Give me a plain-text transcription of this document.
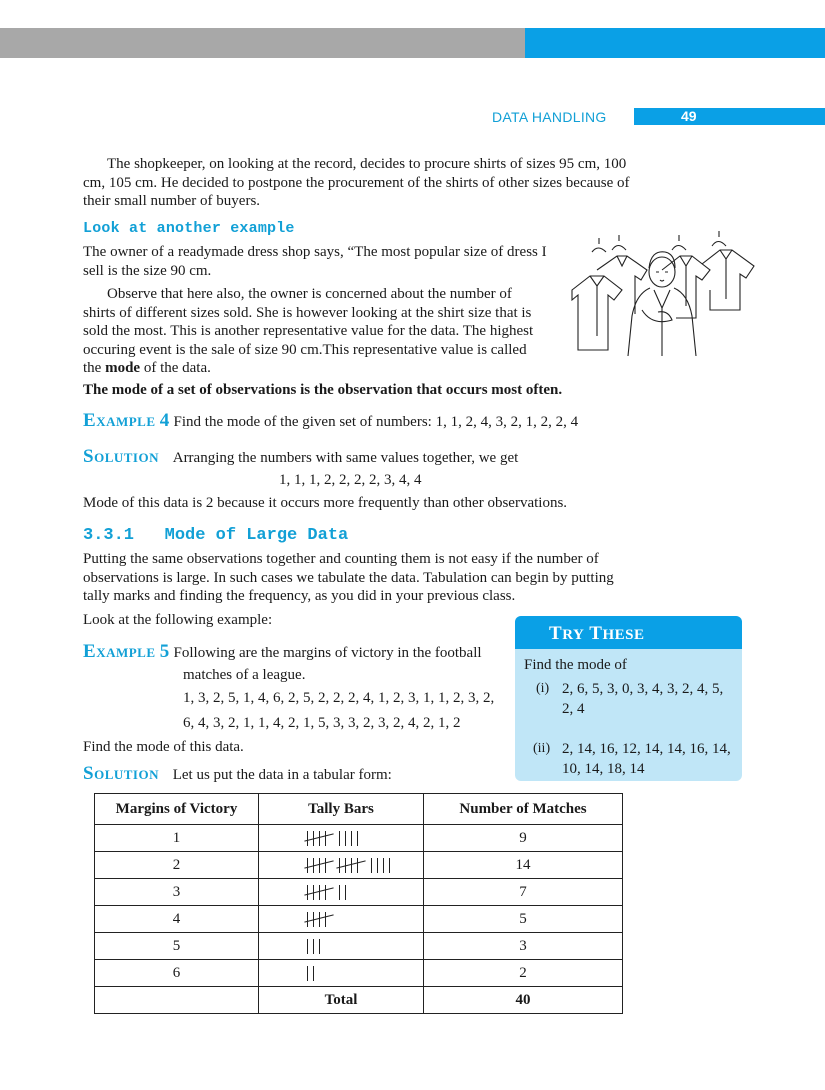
DATA HANDLING	49
The shopkeeper, on looking at the record, decides to procure shirts of sizes 95 cm, 100 cm, 105 cm. He decided to postpone the procurement of the shirts of other sizes because of their small number of buyers.
Look at another example
The owner of a readymade dress shop says, “The most popular size of dress I sell is the size 90 cm.
Observe that here also, the owner is concerned about the number of shirts of different sizes sold. She is however looking at the shirt size that is sold the most. This is another representative value for the data. The highest occuring event is the sale of size 90 cm.This representative value is called the mode of the data.
The mode of a set of observations is the observation that occurs most often.
EXAMPLE 4 Find the mode of the given set of numbers: 1, 1, 2, 4, 3, 2, 1, 2, 2, 4
SOLUTION Arranging the numbers with same values together, we get
1, 1, 1, 2, 2, 2, 2, 3, 4, 4
Mode of this data is 2 because it occurs more frequently than other observations.
3.3.1   Mode of Large Data
Putting the same observations together and counting them is not easy if the number of observations is large. In such cases we tabulate the data. Tabulation can begin by putting tally marks and finding the frequency, as you did in your previous class.
Look at the following example:
EXAMPLE 5 Following are the margins of victory in the football
matches of a league.
1, 3, 2, 5, 1, 4, 6, 2, 5, 2, 2, 2, 4, 1, 2, 3, 1, 1, 2, 3, 2,
6, 4, 3, 2, 1, 1, 4, 2, 1, 5, 3, 3, 2, 3, 2, 4, 2, 1, 2
Find the mode of this data.
SOLUTION Let us put the data in a tabular form:
TRY THESE
Find the mode of
(i) 2, 6, 5, 3, 0, 3, 4, 3, 2, 4, 5, 2, 4
(ii) 2, 14, 16, 12, 14, 14, 16, 14, 10, 14, 18, 14
Margins of Victory	Tally Bars	Number of Matches
1		9
2		14
3		7
4		5
5		3
6		2
	Total	40
